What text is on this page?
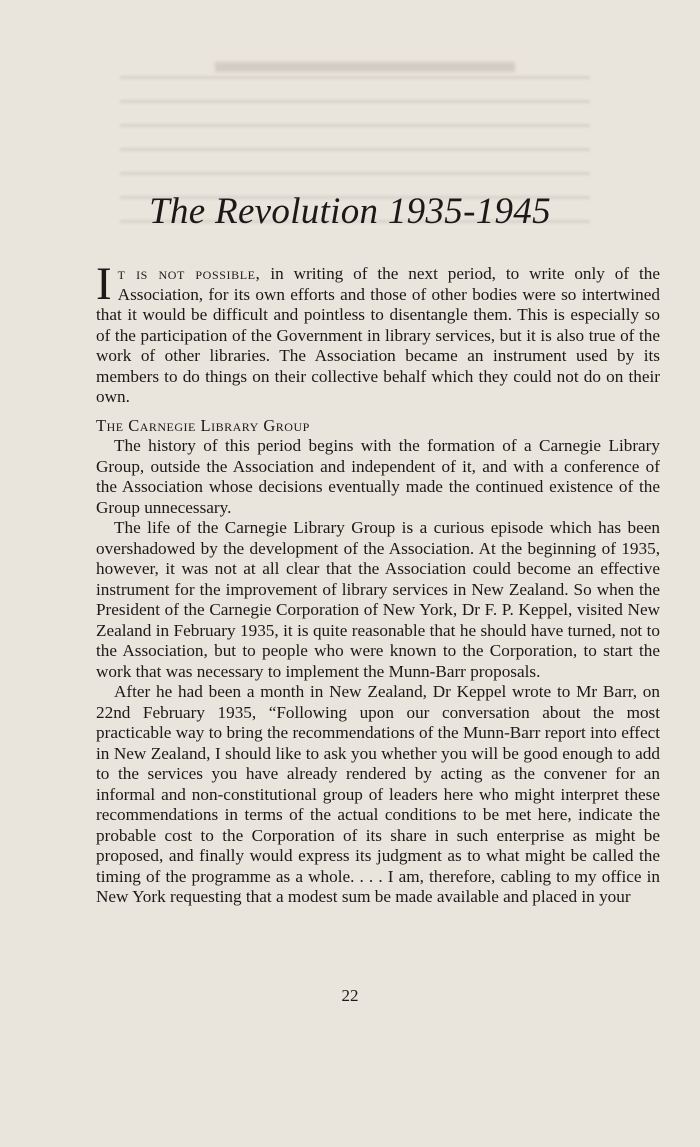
The Revolution 1935-1945

It is not possible, in writing of the next period, to write only of the Association, for its own efforts and those of other bodies were so intertwined that it would be difficult and pointless to disentangle them. This is especially so of the participation of the Government in library services, but it is also true of the work of other libraries. The Association became an instrument used by its members to do things on their collective behalf which they could not do on their own.

The Carnegie Library Group

The history of this period begins with the formation of a Carnegie Library Group, outside the Association and independent of it, and with a conference of the Association whose decisions eventually made the continued existence of the Group unnecessary.

The life of the Carnegie Library Group is a curious episode which has been overshadowed by the development of the Association. At the beginning of 1935, however, it was not at all clear that the Association could become an effective instrument for the improvement of library services in New Zealand. So when the President of the Carnegie Corporation of New York, Dr F. P. Keppel, visited New Zealand in February 1935, it is quite reasonable that he should have turned, not to the Association, but to people who were known to the Corporation, to start the work that was necessary to implement the Munn-Barr proposals.

After he had been a month in New Zealand, Dr Keppel wrote to Mr Barr, on 22nd February 1935, “Following upon our conversation about the most practicable way to bring the recommendations of the Munn-Barr report into effect in New Zealand, I should like to ask you whether you will be good enough to add to the services you have already rendered by acting as the convener for an informal and non-constitutional group of leaders here who might interpret these recommendations in terms of the actual conditions to be met here, indicate the probable cost to the Corporation of its share in such enterprise as might be proposed, and finally would express its judgment as to what might be called the timing of the programme as a whole. . . . I am, therefore, cabling to my office in New York requesting that a modest sum be made available and placed in your

22
